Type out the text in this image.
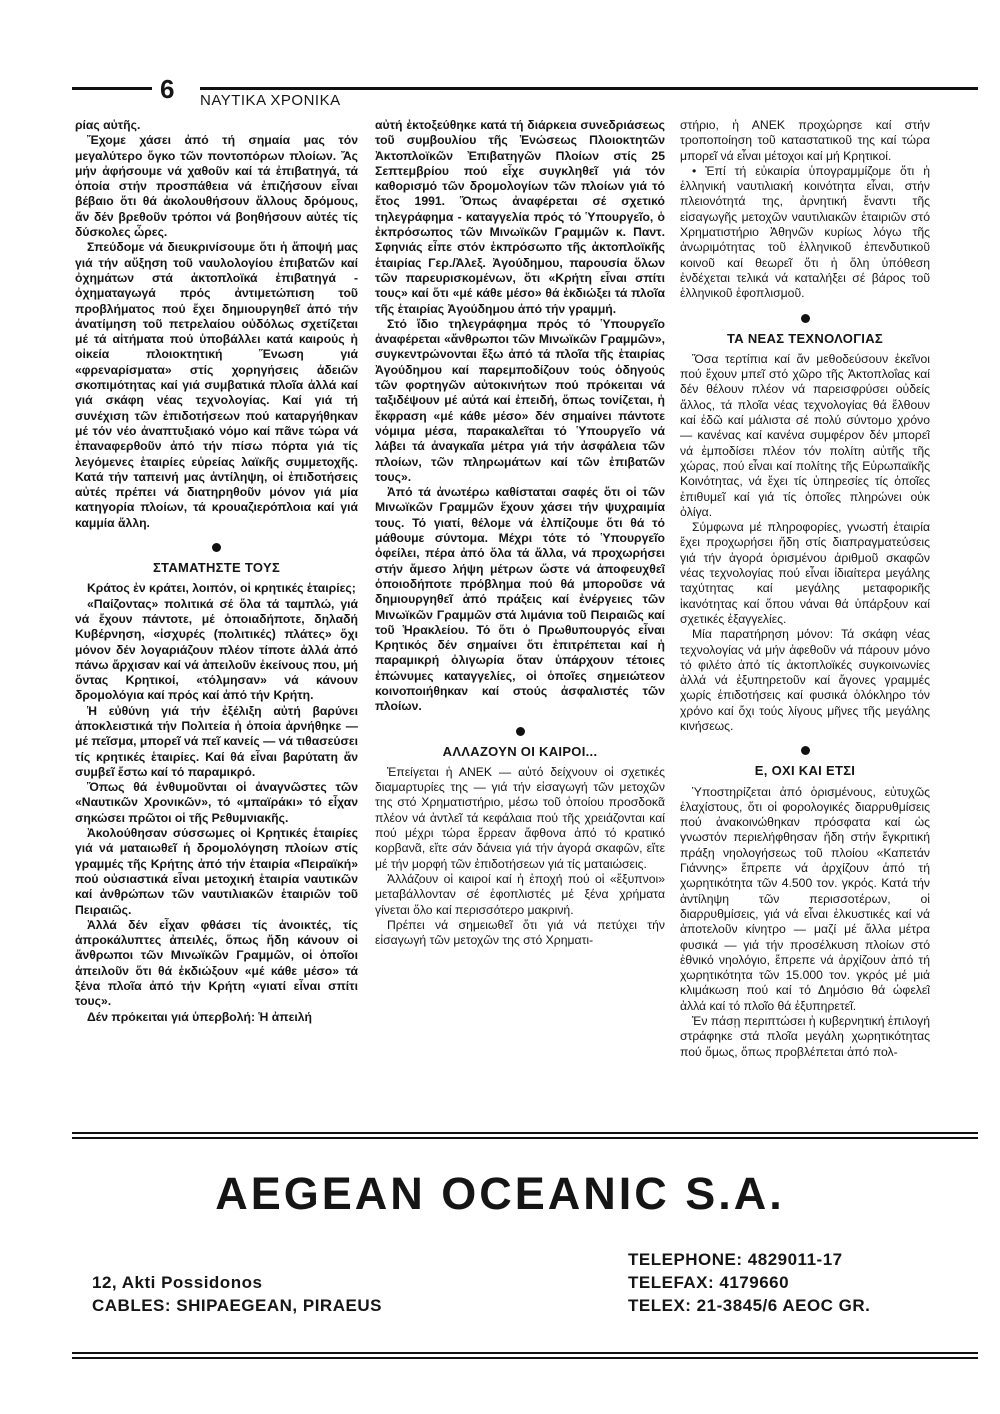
6 ΝΑΥΤΙΚΑ ΧΡΟΝΙΚΑ

ρίας αὐτῆς.

Ἔχομε χάσει ἀπό τή σημαία μας τόν μεγαλύτερο ὄγκο τῶν ποντοπόρων πλοίων. Ἄς μήν ἀφήσουμε νά χαθοῦν καί τά ἐπιβατηγά, τά ὁποία στήν προσπάθεια νά ἐπιζήσουν εἶναι βέβαιο ὅτι θά ἀκολουθήσουν ἄλλους δρόμους, ἄν δέν βρεθοῦν τρόποι νά βοηθήσουν αὐτές τίς δύσκολες ὧρες.

Σπεύδομε νά διευκρινίσουμε ὅτι ἡ ἄποψή μας γιά τήν αὔξηση τοῦ ναυλολογίου ἐπιβατῶν καί ὀχημάτων στά ἀκτοπλοϊκά ἐπιβατηγά - ὀχηματαγωγά πρός ἀντιμετώπιση τοῦ προβλήματος πού ἔχει δημιουργηθεῖ ἀπό τήν ἀνατίμηση τοῦ πετρελαίου οὐδόλως σχετίζεται μέ τά αἰτήματα πού ὑποβάλλει κατά καιρούς ἡ οἰκεία πλοιοκτητική Ἕνωση γιά «φρεναρίσματα» στίς χορηγήσεις ἀδειῶν σκοπιμότητας καί γιά συμβατικά πλοῖα ἀλλά καί γιά σκάφη νέας τεχνολογίας. Καί γιά τή συνέχιση τῶν ἐπιδοτήσεων πού καταργήθηκαν μέ τόν νέο ἀναπτυξιακό νόμο καί πᾶνε τώρα νά ἐπαναφερθοῦν ἀπό τήν πίσω πόρτα γιά τίς λεγόμενες ἑταιρίες εὐρείας λαϊκῆς συμμετοχῆς. Κατά τήν ταπεινή μας ἀντίληψη, οἱ ἐπιδοτήσεις αὐτές πρέπει νά διατηρηθοῦν μόνον γιά μία κατηγορία πλοίων, τά κρουαζιερόπλοια καί γιά καμμία ἄλλη.

ΣΤΑΜΑΤΗΣΤΕ ΤΟΥΣ

Κράτος ἐν κράτει, λοιπόν, οἱ κρητικές ἑταιρίες;

«Παίζοντας» πολιτικά σέ ὅλα τά ταμπλώ, γιά νά ἔχουν πάντοτε, μέ ὁποιαδήποτε, δηλαδή Κυβέρνηση, «ἰσχυρές (πολιτικές) πλάτες» ὄχι μόνον δέν λογαριάζουν πλέον τίποτε ἀλλά ἀπό πάνω ἄρχισαν καί νά ἀπειλοῦν ἐκείνους που, μή ὄντας Κρητικοί, «τόλμησαν» νά κάνουν δρομολόγια καί πρός καί ἀπό τήν Κρήτη.

Ἡ εὐθύνη γιά τήν ἐξέλιξη αὐτή βαρύνει ἀποκλειστικά τήν Πολιτεία ἡ ὁποία ἀρνήθηκε — μέ πεῖσμα, μπορεῖ νά πεῖ κανείς — νά τιθασεύσει τίς κρητικές ἑταιρίες. Καί θά εἶναι βαρύτατη ἄν συμβεῖ ἔστω καί τό παραμικρό.

Ὅπως θά ἐνθυμοῦνται οἱ ἀναγνῶστες τῶν «Ναυτικῶν Χρονικῶν», τό «μπαϊράκι» τό εἶχαν σηκώσει πρῶτοι οἱ τῆς Ρεθυμνιακῆς.

Ἀκολούθησαν σύσσωμες οἱ Κρητικές ἑταιρίες γιά νά ματαιωθεῖ ἡ δρομολόγηση πλοίων στίς γραμμές τῆς Κρήτης ἀπό τήν ἑταιρία «Πειραϊκή» πού οὐσιαστικά εἶναι μετοχική ἑταιρία ναυτικῶν καί ἀνθρώπων τῶν ναυτιλιακῶν ἑταιριῶν τοῦ Πειραιῶς.

Ἀλλά δέν εἶχαν φθάσει τίς ἀνοικτές, τίς ἀπροκάλυπτες ἀπειλές, ὅπως ἤδη κάνουν οἱ ἄνθρωποι τῶν Μινωϊκῶν Γραμμῶν, οἱ ὁποῖοι ἀπειλοῦν ὅτι θά ἐκδιώξουν «μέ κάθε μέσο» τά ξένα πλοῖα ἀπό τήν Κρήτη «γιατί εἶναι σπίτι τους».

Δέν πρόκειται γιά ὑπερβολή: Ἡ ἀπειλή

αὐτή ἐκτοξεύθηκε κατά τή διάρκεια συνεδριάσεως τοῦ συμβουλίου τῆς Ἑνώσεως Πλοιοκτητῶν Ἀκτοπλοϊκῶν Ἐπιβατηγῶν Πλοίων στίς 25 Σεπτεμβρίου πού εἶχε συγκληθεῖ γιά τόν καθορισμό τῶν δρομολογίων τῶν πλοίων γιά τό ἔτος 1991. Ὅπως ἀναφέρεται σέ σχετικό τηλεγράφημα - καταγγελία πρός τό Ὑπουργεῖο, ὁ ἐκπρόσωπος τῶν Μινωϊκῶν Γραμμῶν κ. Παντ. Σφηνιάς εἶπε στόν ἐκπρόσωπο τῆς ἀκτοπλοϊκῆς ἑταιρίας Γερ./Ἀλεξ. Ἀγούδημου, παρουσία ὅλων τῶν παρευρισκομένων, ὅτι «Κρήτη εἶναι σπίτι τους» καί ὅτι «μέ κάθε μέσο» θά ἐκδιώξει τά πλοῖα τῆς ἑταιρίας Ἀγούδημου ἀπό τήν γραμμή.

Στό ἴδιο τηλεγράφημα πρός τό Ὑπουργεῖο ἀναφέρεται «ἄνθρωποι τῶν Μινωϊκῶν Γραμμῶν», συγκεντρώνονται ἔξω ἀπό τά πλοῖα τῆς ἑταιρίας Ἀγούδημου καί παρεμποδίζουν τούς ὁδηγούς τῶν φορτηγῶν αὐτοκινήτων πού πρόκειται νά ταξιδέψουν μέ αὐτά καί ἐπειδή, ὅπως τονίζεται, ἡ ἔκφραση «μέ κάθε μέσο» δέν σημαίνει πάντοτε νόμιμα μέσα, παρακαλεῖται τό Ὑπουργεῖο νά λάβει τά ἀναγκαῖα μέτρα γιά τήν ἀσφάλεια τῶν πλοίων, τῶν πληρωμάτων καί τῶν ἐπιβατῶν τους».

Ἀπό τά ἀνωτέρω καθίσταται σαφές ὅτι οἱ τῶν Μινωϊκῶν Γραμμῶν ἔχουν χάσει τήν ψυχραιμία τους. Τό γιατί, θέλομε νά ἐλπίζουμε ὅτι θά τό μάθουμε σύντομα. Μέχρι τότε τό Ὑπουργεῖο ὀφείλει, πέρα ἀπό ὅλα τά ἄλλα, νά προχωρήσει στήν ἄμεσο λήψη μέτρων ὥστε νά ἀποφευχθεῖ ὁποιοδήποτε πρόβλημα πού θά μποροῦσε νά δημιουργηθεῖ ἀπό πράξεις καί ἐνέργειες τῶν Μινωϊκῶν Γραμμῶν στά λιμάνια τοῦ Πειραιῶς καί τοῦ Ἡρακλείου. Τό ὅτι ὁ Πρωθυπουργός εἶναι Κρητικός δέν σημαίνει ὅτι ἐπιτρέπεται καί ἡ παραμικρή ὀλιγωρία ὅταν ὑπάρχουν τέτοιες ἐπώνυμες καταγγελίες, οἱ ὁποῖες σημειώτεον κοινοποιήθηκαν καί στούς ἀσφαλιστές τῶν πλοίων.

ΑΛΛΑΖΟΥΝ ΟΙ ΚΑΙΡΟΙ...

Ἐπείγεται ἡ ΑΝΕΚ — αὐτό δείχνουν οἱ σχετικές διαμαρτυρίες της — γιά τήν εἰσαγωγή τῶν μετοχῶν της στό Χρηματιστήριο, μέσω τοῦ ὁποίου προσδοκᾶ πλέον νά ἀντλεῖ τά κεφάλαια πού τῆς χρειάζονται καί πού μέχρι τώρα ἔρρεαν ἄφθονα ἀπό τό κρατικό κορβανᾶ, εἴτε σάν δάνεια γιά τήν ἀγορά σκαφῶν, εἴτε μέ τήν μορφή τῶν ἐπιδοτήσεων γιά τίς ματαιώσεις.

Ἀλλάζουν οἱ καιροί καί ἡ ἐποχή πού οἱ «ἔξυπνοι» μεταβάλλονταν σέ ἐφοπλιστές μέ ξένα χρήματα γίνεται ὅλο καί περισσότερο μακρινή.

Πρέπει νά σημειωθεῖ ὅτι γιά νά πετύχει τήν εἰσαγωγή τῶν μετοχῶν της στό Χρηματι-

στήριο, ἡ ΑΝΕΚ προχώρησε καί στήν τροποποίηση τοῦ καταστατικοῦ της καί τώρα μπορεῖ νά εἶναι μέτοχοι καί μή Κρητικοί.

• Ἐπί τή εὐκαιρία ὑπογραμμίζομε ὅτι ἡ ἑλληνική ναυτιλιακή κοινότητα εἶναι, στήν πλειονότητά της, ἀρνητική ἔναντι τῆς εἰσαγωγῆς μετοχῶν ναυτιλιακῶν ἑταιριῶν στό Χρηματιστήριο Ἀθηνῶν κυρίως λόγω τῆς ἀνωριμότητας τοῦ ἑλληνικοῦ ἐπενδυτικοῦ κοινοῦ καί θεωρεῖ ὅτι ἡ ὅλη ὑπόθεση ἐνδέχεται τελικά νά καταλήξει σέ βάρος τοῦ ἑλληνικοῦ ἐφοπλισμοῦ.

ΤΑ ΝΕΑΣ ΤΕΧΝΟΛΟΓΙΑΣ

Ὅσα τερτίπια καί ἄν μεθοδεύσουν ἐκεῖνοι πού ἔχουν μπεῖ στό χῶρο τῆς Ἀκτοπλοΐας καί δέν θέλουν πλέον νά παρεισφρύσει οὐδείς ἄλλος, τά πλοῖα νέας τεχνολογίας θά ἔλθουν καί ἐδῶ καί μάλιστα σέ πολύ σύντομο χρόνο — κανένας καί κανένα συμφέρον δέν μπορεῖ νά ἐμποδίσει πλέον τόν πολίτη αὐτῆς τῆς χώρας, πού εἶναι καί πολίτης τῆς Εὐρωπαϊκῆς Κοινότητας, νά ἔχει τίς ὑπηρεσίες τίς ὁποῖες ἐπιθυμεῖ καί γιά τίς ὁποῖες πληρώνει οὐκ ὀλίγα.

Σύμφωνα μέ πληροφορίες, γνωστή ἑταιρία ἔχει προχωρήσει ἤδη στίς διαπραγματεύσεις γιά τήν ἀγορά ὁρισμένου ἀριθμοῦ σκαφῶν νέας τεχνολογίας πού εἶναι ἰδιαίτερα μεγάλης ταχύτητας καί μεγάλης μεταφορικῆς ἱκανότητας καί ὅπου νάναι θά ὑπάρξουν καί σχετικές ἐξαγγελίες.

Μία παρατήρηση μόνον: Τά σκάφη νέας τεχνολογίας νά μήν ἀφεθοῦν νά πάρουν μόνο τό φιλέτο ἀπό τίς ἀκτοπλοϊκές συγκοινωνίες ἀλλά νά ἐξυπηρετοῦν καί ἄγονες γραμμές χωρίς ἐπιδοτήσεις καί φυσικά ὁλόκληρο τόν χρόνο καί ὄχι τούς λίγους μῆνες τῆς μεγάλης κινήσεως.

Ε, ΟΧΙ ΚΑΙ ΕΤΣΙ

Ὑποστηρίζεται ἀπό ὁρισμένους, εὐτυχῶς ἐλαχίστους, ὅτι οἱ φορολογικές διαρρυθμίσεις πού ἀνακοινώθηκαν πρόσφατα καί ὡς γνωστόν περιελήφθησαν ἤδη στήν ἔγκριτική πράξη νηολογήσεως τοῦ πλοίου «Καπετάν Γιάννης» ἔπρεπε νά ἀρχίζουν ἀπό τή χωρητικότητα τῶν 4.500 τον. γκρός. Κατά τήν ἀντίληψη τῶν περισσοτέρων, οἱ διαρρυθμίσεις, γιά νά εἶναι ἑλκυστικές καί νά ἀποτελοῦν κίνητρο — μαζί μέ ἄλλα μέτρα φυσικά — γιά τήν προσέλκυση πλοίων στό ἐθνικό νηολόγιο, ἔπρεπε νά ἀρχίζουν ἀπό τή χωρητικότητα τῶν 15.000 τον. γκρός μέ μιά κλιμάκωση πού καί τό Δημόσιο θά ὠφελεῖ ἀλλά καί τό πλοῖο θά ἐξυπηρετεῖ.

Ἐν πάσῃ περιπτώσει ἡ κυβερνητική ἐπιλογή στράφηκε στά πλοῖα μεγάλη χωρητικότητας πού ὅμως, ὅπως προβλέπεται ἀπό πολ-

AEGEAN OCEANIC S.A.
TELEPHONE: 4829011-17
12, Akti Possidonos	TELEFAX: 4179660
CABLES: SHIPAEGEAN, PIRAEUS	TELEX: 21-3845/6 AEOC GR.
